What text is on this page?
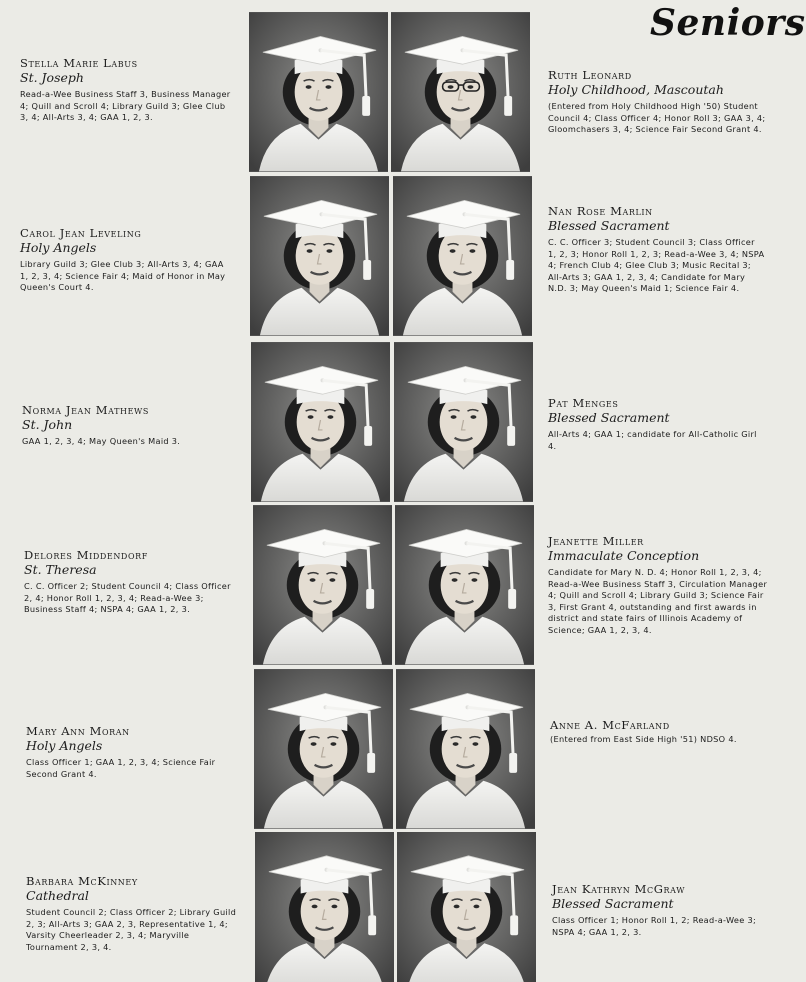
Seniors
Stella Marie Labus
St. Joseph
Read-a-Wee Business Staff 3, Business Manager 4; Quill and Scroll 4; Library Guild 3; Glee Club 3, 4; All-Arts 3, 4; GAA 1, 2, 3.
Carol Jean Leveling
Holy Angels
Library Guild 3; Glee Club 3; All-Arts 3, 4; GAA 1, 2, 3, 4; Science Fair 4; Maid of Honor in May Queen's Court 4.
Norma Jean Mathews
St. John
GAA 1, 2, 3, 4; May Queen's Maid 3.
Delores Middendorf
St. Theresa
C. C. Officer 2; Student Council 4; Class Officer 2, 4; Honor Roll 1, 2, 3, 4; Read-a-Wee 3; Business Staff 4; NSPA 4; GAA 1, 2, 3.
Mary Ann Moran
Holy Angels
Class Officer 1; GAA 1, 2, 3, 4; Science Fair Second Grant 4.
Barbara McKinney
Cathedral
Student Council 2; Class Officer 2; Library Guild 2, 3; All-Arts 3; GAA 2, 3, Representative 1, 4; Varsity Cheerleader 2, 3, 4; Maryville Tournament 2, 3, 4.
Ruth Leonard
Holy Childhood, Mascoutah
(Entered from Holy Childhood High '50) Student Council 4; Class Officer 4; Honor Roll 3; GAA 3, 4; Gloomchasers 3, 4; Science Fair Second Grant 4.
Nan Rose Marlin
Blessed Sacrament
C. C. Officer 3; Student Council 3; Class Officer 1, 2, 3; Honor Roll 1, 2, 3; Read-a-Wee 3, 4; NSPA 4; French Club 4; Glee Club 3; Music Recital 3; All-Arts 3; GAA 1, 2, 3, 4; Candidate for Mary N.D. 3; May Queen's Maid 1; Science Fair 4.
Pat Menges
Blessed Sacrament
All-Arts 4; GAA 1; candidate for All-Catholic Girl 4.
Jeanette Miller
Immaculate Conception
Candidate for Mary N. D. 4; Honor Roll 1, 2, 3, 4; Read-a-Wee Business Staff 3, Circulation Manager 4; Quill and Scroll 4; Library Guild 3; Science Fair 3, First Grant 4, outstanding and first awards in district and state fairs of Illinois Academy of Science; GAA 1, 2, 3, 4.
Anne A. McFarland
(Entered from East Side High '51) NDSO 4.
Jean Kathryn McGraw
Blessed Sacrament
Class Officer 1; Honor Roll 1, 2; Read-a-Wee 3; NSPA 4; GAA 1, 2, 3.
